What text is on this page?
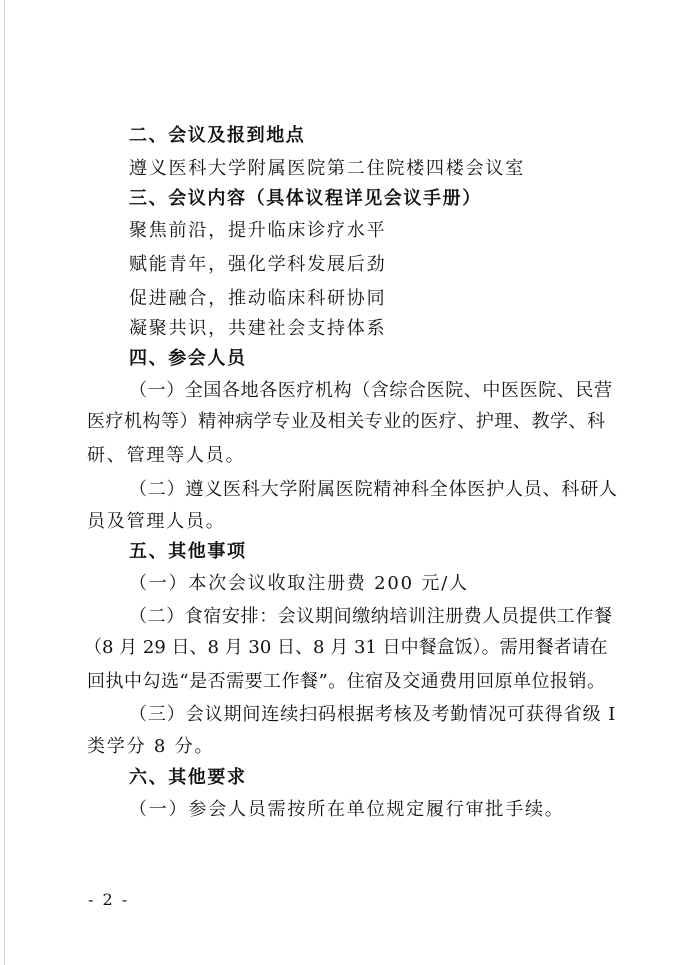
二、会议及报到地点
遵义医科大学附属医院第二住院楼四楼会议室
三、会议内容（具体议程详见会议手册）
聚焦前沿，提升临床诊疗水平
赋能青年，强化学科发展后劲
促进融合，推动临床科研协同
凝聚共识，共建社会支持体系
四、参会人员
（一）全国各地各医疗机构（含综合医院、中医医院、民营
医疗机构等）精神病学专业及相关专业的医疗、护理、教学、科
研、管理等人员。
（二）遵义医科大学附属医院精神科全体医护人员、科研人
员及管理人员。
五、其他事项
（一）本次会议收取注册费 200 元/人
（二）食宿安排：会议期间缴纳培训注册费人员提供工作餐
（8 月 29 日、8 月 30 日、8 月 31 日中餐盒饭）。需用餐者请在
回执中勾选“是否需要工作餐”。住宿及交通费用回原单位报销。
（三）会议期间连续扫码根据考核及考勤情况可获得省级 I
类学分 8 分。
六、其他要求
（一）参会人员需按所在单位规定履行审批手续。
- 2 -
